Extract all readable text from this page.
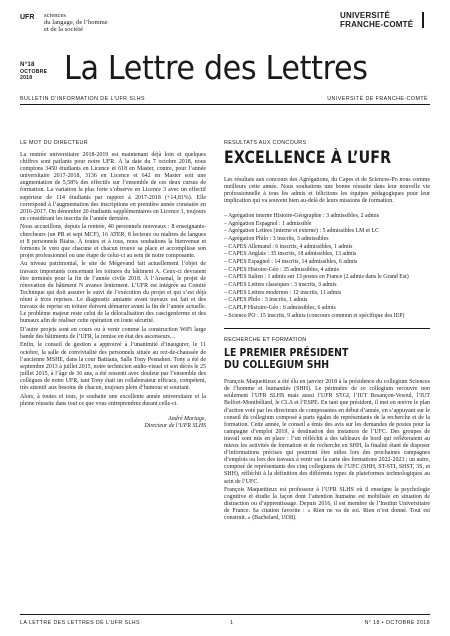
UFR sciences
du langage, de l’homme
et de la société
UNIVERSITÉ
FRANCHE-COMTÉ
N°18
OCTOBRE
2018 La Lettre des Lettres
BULLETIN D’INFORMATION DE L’UFR SLHS	UNIVERSITÉ DE FRANCHE-COMTÉ
LE MOT DU DIRECTEUR

La rentrée universitaire 2018-2019 est maintenant déjà loin et quelques chiffres sont parlants pour notre UFR. À la date du 7 octobre 2018, nous comptons 3450 étudiants en Licence et 618 en Master, contre, pour l’année universitaire 2017-2018, 3136 en Licence et 642 en Master soit une augmentation de 5,58% des effectifs sur l’ensemble de ces deux cursus de formation. La variation la plus forte s’observe en Licence 3 avec un effectif supérieur de 114 étudiants par rapport à 2017-2018 (+14,81%). Elle correspond à l’augmentation des inscriptions en première année constatée en 2016-2017. On dénombre 20 étudiants supplémentaires en Licence 1, toujours en considérant les inscrits de l’année dernière.

Nous accueillons, depuis la rentrée, 40 personnels nouveaux : 8 enseignants-chercheurs (un PR et sept MCF), 16 ATER, 8 lecteurs ou maîtres de langues et 8 personnels Biatss. À toutes et à tous, nous souhaitons la bienvenue et formons le vœu que chacune et chacun trouve sa place et accomplisse son projet professionnel ou une étape de celui-ci au sein de notre composante.

Au niveau patrimonial, le site de Mégevand fait actuellement l’objet de travaux importants concernant les toitures du bâtiment A. Ceux-ci devraient être terminés pour la fin de l’année civile 2018. À l’Arsenal, le projet de rénovation du bâtiment N avance lentement. L’UFR est intégrée au Comité Technique qui doit assurer le suivi de l’exécution du projet et qui s’est déjà réuni à trois reprises. Le diagnostic amiante avant travaux est fait et des travaux de reprise en toiture doivent démarrer avant la fin de l’année actuelle. Le problème majeur reste celui de la délocalisation des cascigenferme et des bureaux afin de réaliser cette opération en toute sécurité.

D’autre projets sont en cours ou à venir comme la construction WiFi large bande des bâtiments de l’UFR, la remise en état des ascenseurs…

Enfin, le conseil de gestion a approuvé à l’unanimité d’inaugurer, le 11 octobre, la salle de convivialité des personnels située au rez-de-chaussée de l’ancienne MSHE, dans la cour Battiana, Salle Tony Pesnahen. Tony a été de septembre 2013 à juillet 2015, notre technicien audio-visuel et son décès le 25 juillet 2015, à l’âge de 36 ans, a été ressenti avec douleur par l’ensemble des collègues de notre UFR, tant Tony était un collaborateur efficace, compétent, très attentif aux besoins de chacun, toujours plein d’humour et souriant.

Alors, à toutes et tous, je souhaite une excellente année universitaire et la pleine réussite dans tout ce que vous entreprendrez durant celle-ci.

André Mariage,
Directeur de l’UFR SLHS
RÉSULTATS AUX CONCOURS
EXCELLENCE À L’UFR

Les résultats aux concours des Agrégations, du Capes et de Sciences-Po nous comme meilleurs cette année. Nous souhaitons une bonne réussite dans leur nouvelle vie professionnelle à tous les admis et félicitons les équipes pédagogiques pour leur implication qui va souvent bien au-delà de leurs missions de formation.

– Agrégation interne Histoire-Géographie : 3 admissibles, 2 admis
– Agrégation Espagnol : 1 admissible
– Agrégation Lettres (interne et externe) : 5 admissibles LM et LC
– Agrégation Philo : 3 inscrits, 3 admissibles
– CAPES Allemand : 6 inscrits, 4 admissibles, 1 admis
– CAPES Anglais : 35 inscrits, 18 admissibles, 13 admis
– CAPES Espagnol : 14 inscrits, 14 admissibles, 6 admis
– CAPES Histoire-Géo : 35 admissibles, 4 admis
– CAPES Italien : 1 admis sur 13 postes en France (2 admis dans le Grand Est)
– CAPES Lettres classiques : 3 inscrits, 3 admis
– CAPES Lettres modernes : 12 inscrits, 11 admis
– CAPES Philo : 3 inscrits, 1 admis
– CAPLP Histoire-Géo : 6 admissibles, 6 admis
– Science PO : 15 inscrits, 9 admis (concours commun et spécifique des IEP)
RECHERCHE ET FORMATION
LE PREMIER PRÉSIDENT
DU COLLEGIUM SHH

François Maquettieux a été élu en janvier 2018 à la présidence du collegium Sciences de l’homme et humanités (SHH). Le périmètre de ce collegium recouvre non seulement l’UFR SLHS mais aussi l’UFR STGI, l’IUT Besançon-Vesoul, l’IUT Belfort-Montbéliard, le CLA et l’ESPE. En tant que président, il met en œuvre le plan d’action voté par les directeurs de composantes en début d’année, en s’appuyant sur le conseil du collegium composé à parts égales de représentants de la recherche et de la formation. Cette année, le conseil a émis des avis sur les demandes de postes pour la campagne d’emploi 2019, à destination des instances de l’UFC. Des groupes de travail sont mis en place : l’un réfléchit à des tableaux de bord qui refléteraient au mieux les activités de formation et de recherche en SHH, la finalité étant de disposer d’informations précises qui pourront être utiles lors des prochaines campagnes d’emplois ou lors des travaux à venir sur la carte des formations 2022-2023 ; un autre, composé de représentants des cinq collegiums de l’UFC (SHH, ST-STI, SHST, 3S, et SHH), réfléchit à la définition des différents types de plateformes technologiques au sein de l’UFC.

François Maquettieux est professeur à l’UFR SLHS où il enseigne la psychologie cognitive et étudie la façon dont l’attention humaine est mobilisée en situation de distraction ou d’apprentissage. Depuis 2016, il est membre de l’Institut Universitaire de France. Sa citation favorite : « Rien ne va de soi. Rien n’est donné. Tout est construit. » (Bachelard, 1938).

LA LETTRE DES LETTRES DE L’UFR SLHS	1	N° 18 • OCTOBRE 2018
